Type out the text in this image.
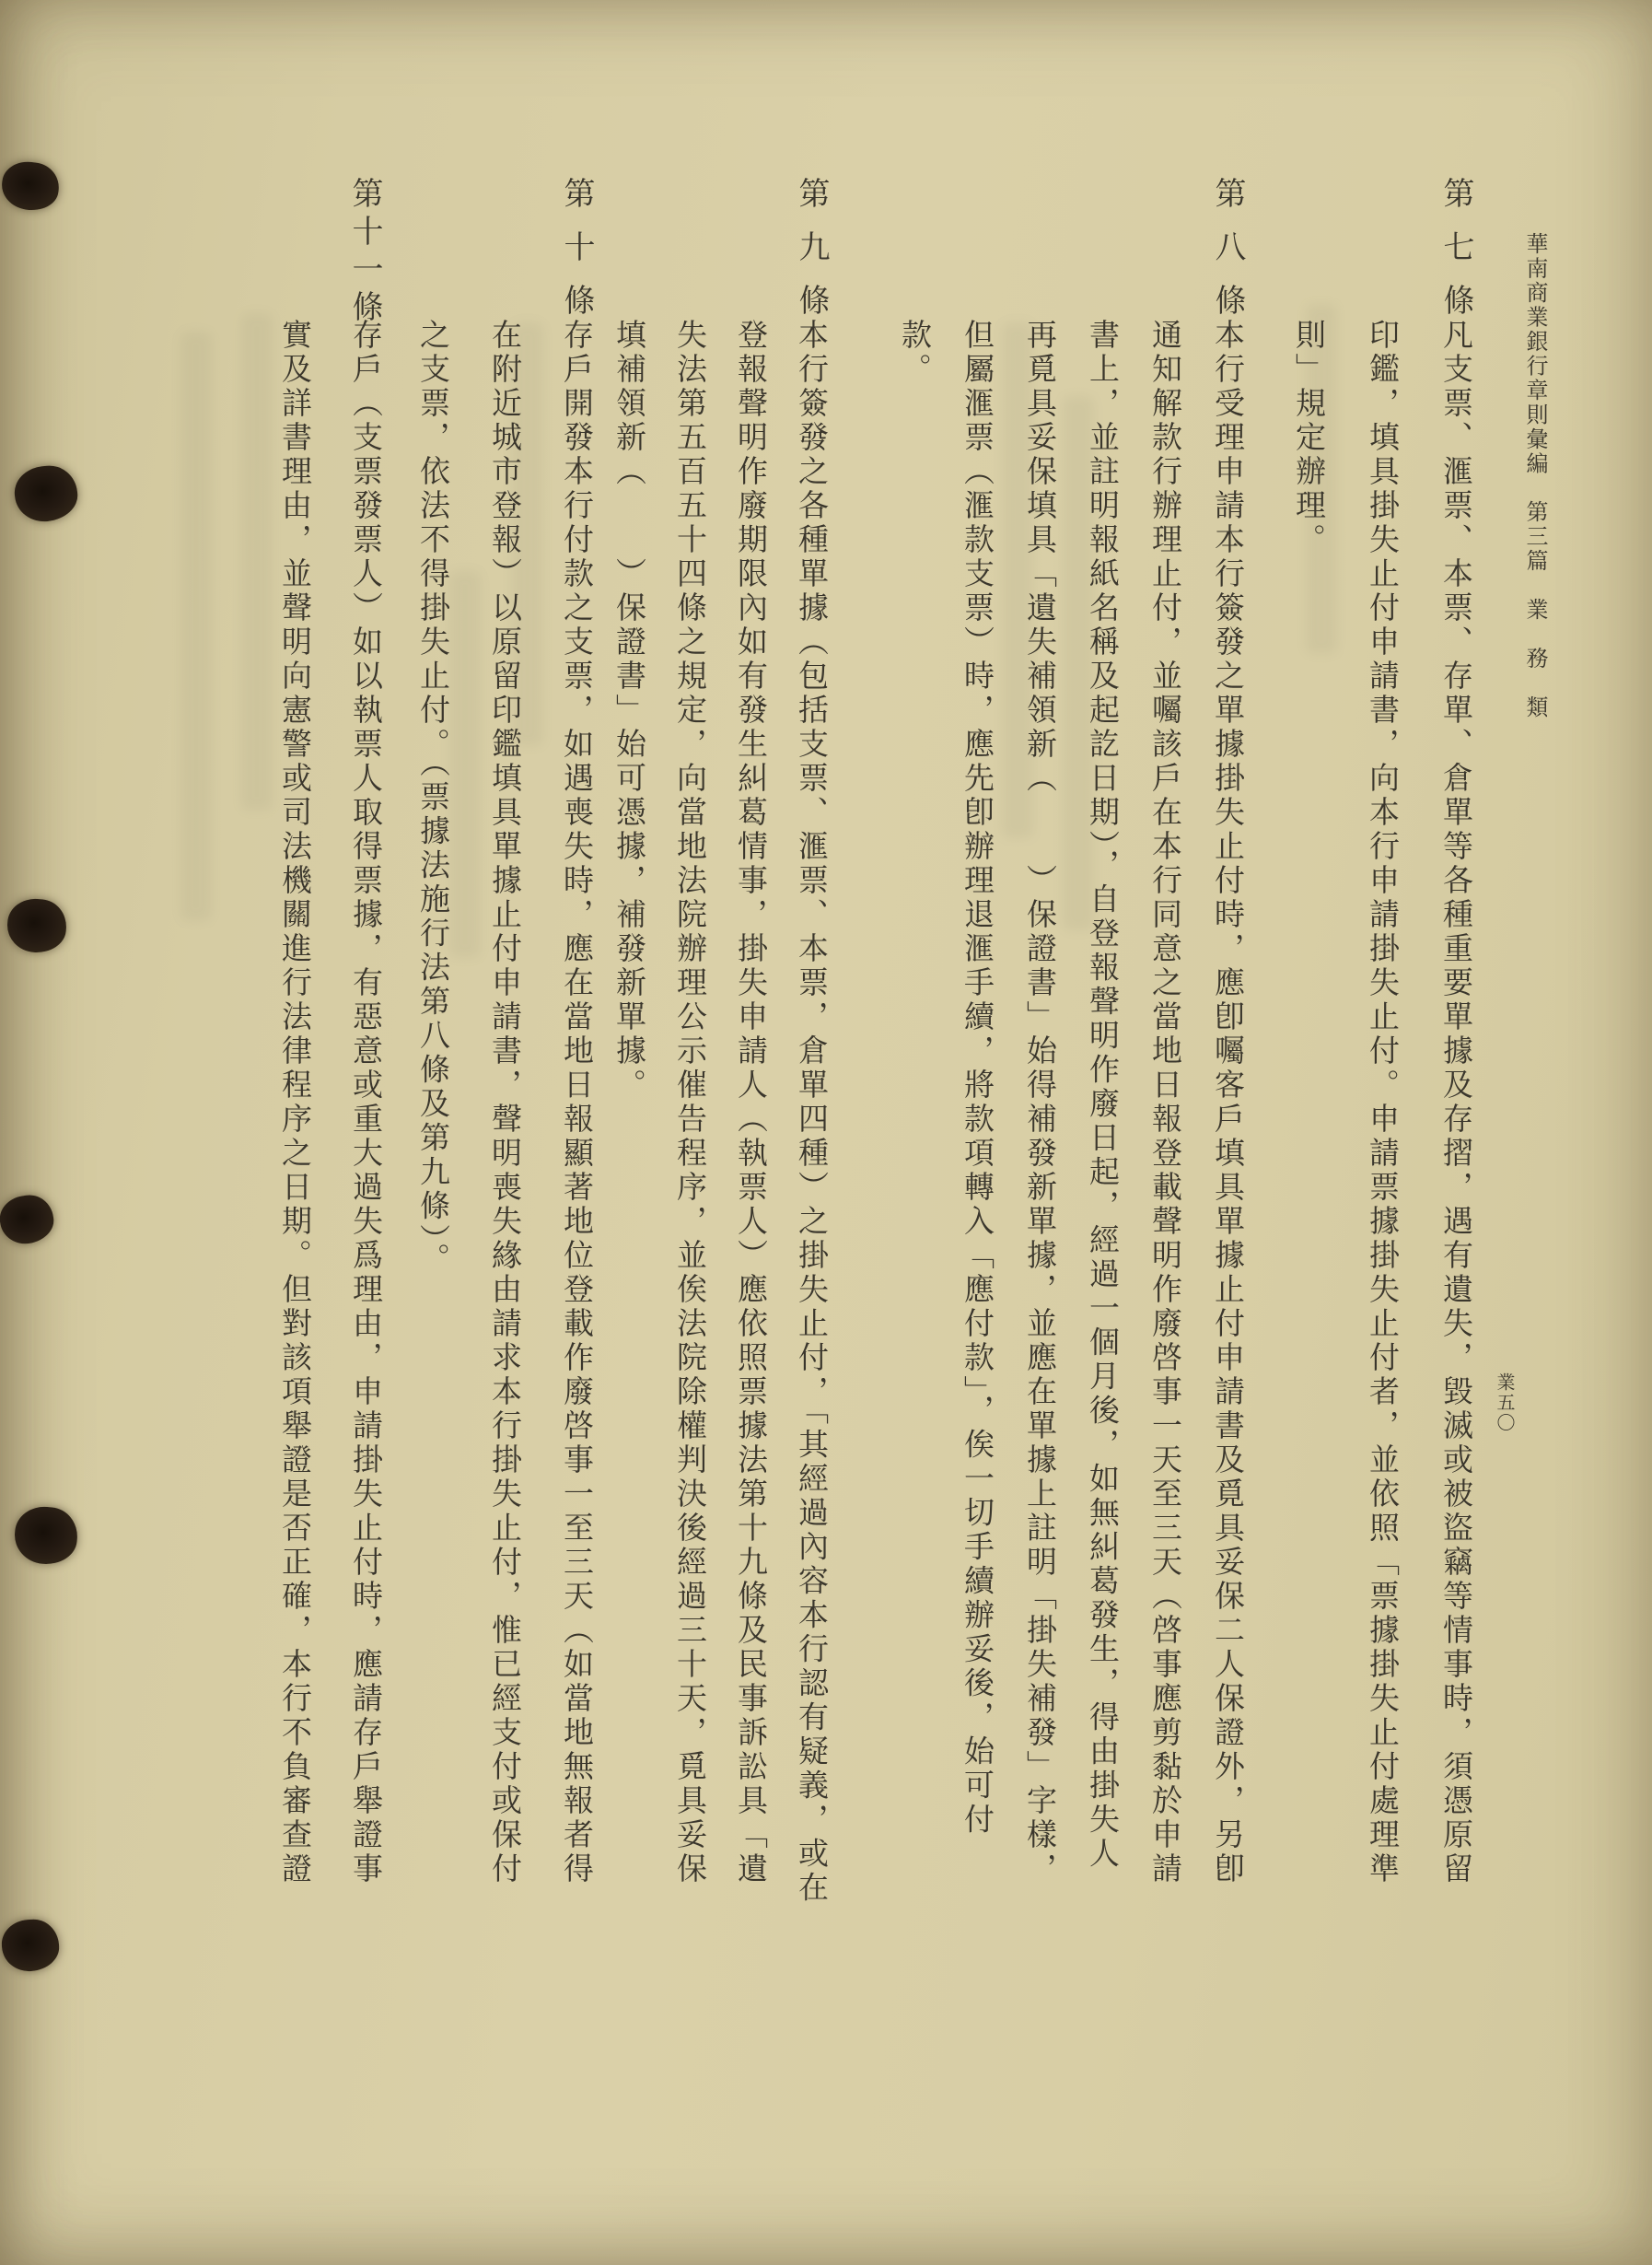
華南商業銀行章則彙編第三篇業　務　類

業五〇

第七條

凡支票、滙票、本票、存單、倉單等各種重要單據及存摺，遇有遺失，毀滅或被盜竊等情事時，須憑原留

印鑑，填具掛失止付申請書，向本行申請掛失止付。申請票據掛失止付者，並依照「票據掛失止付處理準

則」規定辦理。

第八條

本行受理申請本行簽發之單據掛失止付時，應卽囑客戶填具單據止付申請書及覓具妥保二人保證外，另卽

通知解款行辦理止付，並囑該戶在本行同意之當地日報登載聲明作廢啓事一天至三天（啓事應剪黏於申請

書上，並註明報紙名稱及起訖日期），自登報聲明作廢日起，經過一個月後，如無糾葛發生，得由掛失人

再覓具妥保填具「遺失補領新（　　）保證書」始得補發新單據，並應在單據上註明「掛失補發」字樣，

但屬滙票（滙款支票）時，應先卽辦理退滙手續，將款項轉入「應付款」，俟一切手續辦妥後，始可付

款。

第九條

本行簽發之各種單據（包括支票、滙票、本票，倉單四種）之掛失止付，「其經過內容本行認有疑義，或在

登報聲明作廢期限內如有發生糾葛情事，掛失申請人（執票人）應依照票據法第十九條及民事訴訟具「遺

失法第五百五十四條之規定，向當地法院辦理公示催告程序，並俟法院除權判決後經過三十天，覓具妥保

填補領新（　　）保證書」始可憑據，補發新單據。

第十條

存戶開發本行付款之支票，如遇喪失時，應在當地日報顯著地位登載作廢啓事一至三天（如當地無報者得

在附近城市登報）以原留印鑑填具單據止付申請書，聲明喪失緣由請求本行掛失止付，惟已經支付或保付

之支票，依法不得掛失止付。（票據法施行法第八條及第九條）。

第十一條

存戶（支票發票人）如以執票人取得票據，有惡意或重大過失爲理由，申請掛失止付時，應請存戶舉證事

實及詳書理由，並聲明向憲警或司法機關進行法律程序之日期。但對該項舉證是否正確，本行不負審查證
